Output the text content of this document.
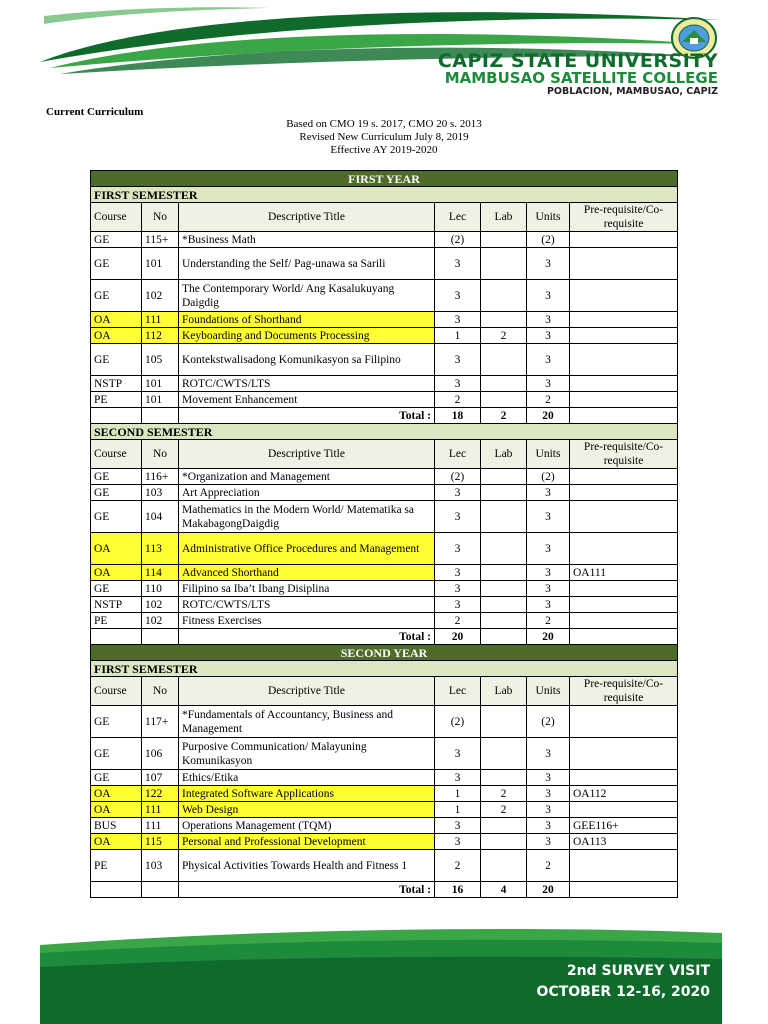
CAPIZ STATE UNIVERSITY
MAMBUSAO SATELLITE COLLEGE
POBLACION, MAMBUSAO, CAPIZ
Current Curriculum
Based on CMO 19 s. 2017, CMO 20 s. 2013
Revised New Curriculum July 8, 2019
Effective AY 2019-2020
FIRST YEAR						
FIRST SEMESTER						
Course	No	Descriptive Title	Lec	Lab	Units	Pre-requisite/Co-requisite
GE	115+	*Business Math	(2)		(2)	
GE	101	Understanding the Self/ Pag-unawa sa Sarili	3		3	
GE	102	The Contemporary World/ Ang Kasalukuyang Daigdig	3		3	
OA	111	Foundations of Shorthand	3		3	
OA	112	Keyboarding and Documents Processing	1	2	3	
GE	105	Kontekstwalisadong Komunikasyon sa Filipino	3		3	
NSTP	101	ROTC/CWTS/LTS	3		3	
PE	101	Movement Enhancement	2		2	
		Total :	18	2	20	
SECOND SEMESTER						
Course	No	Descriptive Title	Lec	Lab	Units	Pre-requisite/Co-requisite
GE	116+	*Organization and Management	(2)		(2)	
GE	103	Art Appreciation	3		3	
GE	104	Mathematics in the Modern World/ Matematika sa MakabagongDaigdig	3		3	
OA	113	Administrative Office Procedures and Management	3		3	
OA	114	Advanced Shorthand	3		3	OA111
GE	110	Filipino sa Iba’t Ibang Disiplina	3		3	
NSTP	102	ROTC/CWTS/LTS	3		3	
PE	102	Fitness Exercises	2		2	
		Total :	20		20	
SECOND YEAR						
FIRST SEMESTER						
Course	No	Descriptive Title	Lec	Lab	Units	Pre-requisite/Co-requisite
GE	117+	*Fundamentals of Accountancy, Business and Management	(2)		(2)	
GE	106	Purposive Communication/ Malayuning Komunikasyon	3		3	
GE	107	Ethics/Etika	3		3	
OA	122	Integrated Software Applications	1	2	3	OA112
OA	111	Web Design	1	2	3	
BUS	111	Operations Management (TQM)	3		3	GEE116+
OA	115	Personal and Professional Development	3		3	OA113
PE	103	Physical Activities Towards Health and Fitness 1	2		2	
		Total :	16	4	20	
2nd SURVEY VISIT
OCTOBER 12-16, 2020
